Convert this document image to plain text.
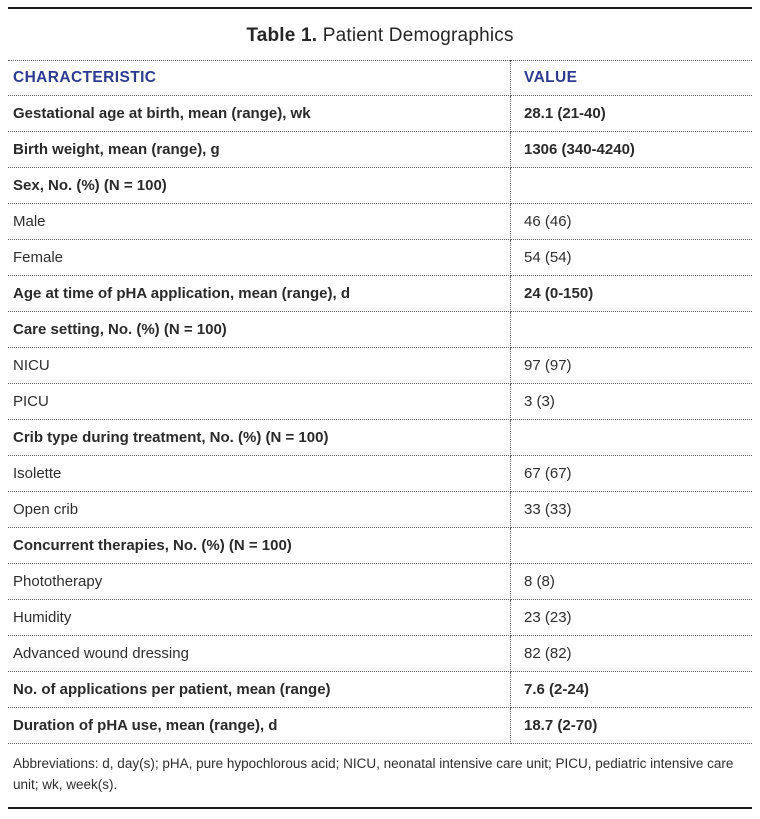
Table 1. Patient Demographics
CHARACTERISTIC	VALUE
Gestational age at birth, mean (range), wk	28.1 (21-40)
Birth weight, mean (range), g	1306 (340-4240)
Sex, No. (%) (N = 100)	
Male	46 (46)
Female	54 (54)
Age at time of pHA application, mean (range), d	24 (0-150)
Care setting, No. (%) (N = 100)	
NICU	97 (97)
PICU	3 (3)
Crib type during treatment, No. (%) (N = 100)	
Isolette	67 (67)
Open crib	33 (33)
Concurrent therapies, No. (%) (N = 100)	
Phototherapy	8 (8)
Humidity	23 (23)
Advanced wound dressing	82 (82)
No. of applications per patient, mean (range)	7.6 (2-24)
Duration of pHA use, mean (range), d	18.7 (2-70)

Abbreviations: d, day(s); pHA, pure hypochlorous acid; NICU, neonatal intensive care unit; PICU, pediatric intensive care unit; wk, week(s).
